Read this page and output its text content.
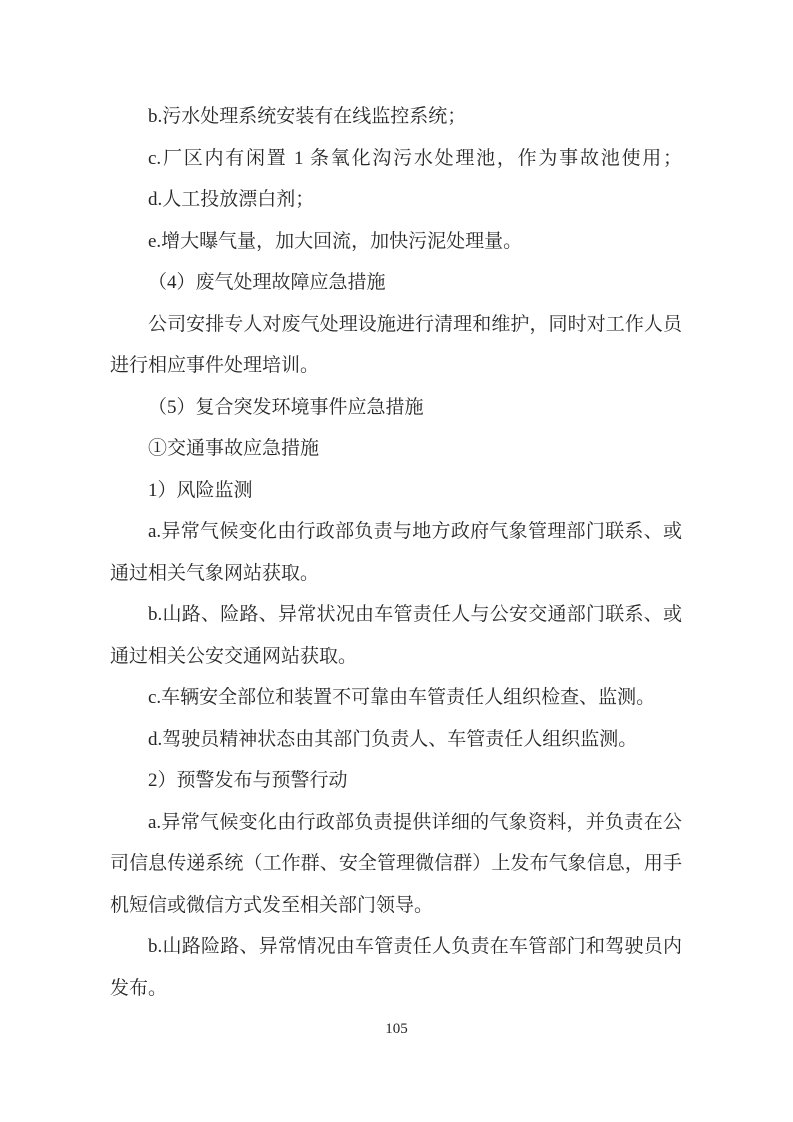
b.污水处理系统安装有在线监控系统；

c.厂区内有闲置 1 条氧化沟污水处理池，作为事故池使用；

d.人工投放漂白剂；

e.增大曝气量，加大回流，加快污泥处理量。

（4）废气处理故障应急措施

公司安排专人对废气处理设施进行清理和维护，同时对工作人员进行相应事件处理培训。

（5）复合突发环境事件应急措施

①交通事故应急措施

1）风险监测

a.异常气候变化由行政部负责与地方政府气象管理部门联系、或通过相关气象网站获取。

b.山路、险路、异常状况由车管责任人与公安交通部门联系、或通过相关公安交通网站获取。

c.车辆安全部位和装置不可靠由车管责任人组织检查、监测。

d.驾驶员精神状态由其部门负责人、车管责任人组织监测。

2）预警发布与预警行动

a.异常气候变化由行政部负责提供详细的气象资料，并负责在公司信息传递系统（工作群、安全管理微信群）上发布气象信息，用手机短信或微信方式发至相关部门领导。

b.山路险路、异常情况由车管责任人负责在车管部门和驾驶员内发布。

105
